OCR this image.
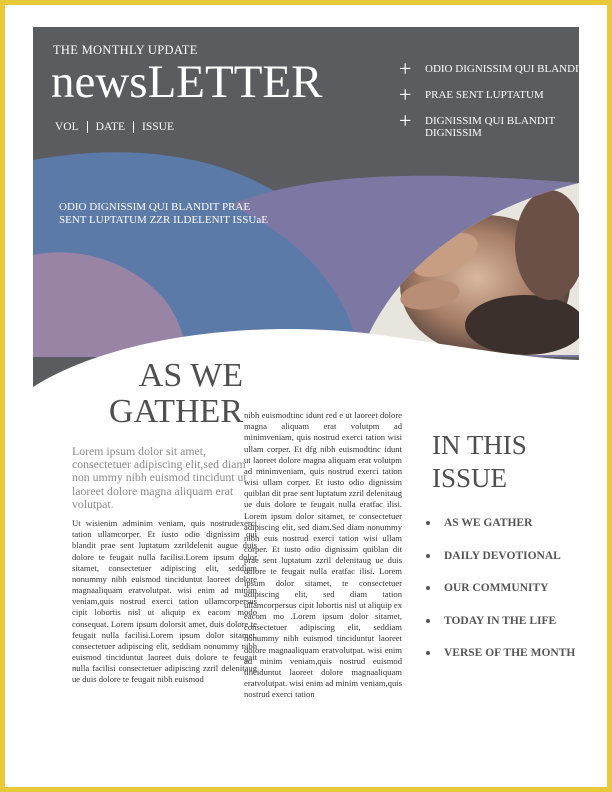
THE MONTHLY UPDATE
newsLETTER
VOL DATE ISSUE
+ ODIO DIGNISSIM QUI BLANDIT
+ PRAE SENT LUPTATUM
+ DIGNISSIM QUI BLANDIT DIGNISSIM
ODIO DIGNISSIM QUI BLANDIT PRAE SENT LUPTATUM ZZR ILDELENIT ISSUaE
AS WE
GATHER
Lorem ipsum dolor sit amet, consectetuer adipiscing elit,sed diam non ummy nibh euismod tincidunt ut laoreet dolore magna aliquam erat volutpat.
Ut wisienim adminim veniam, quis nostrudexerci tation ullamcorper. Et iusto odio dignissim qui blandit prae sent luptatum zzrildelenit augue duis dolore te feugait nulla facilisi.Lorem ipsum dolor sitamet, consectetuer adipiscing elit, seddiam nonummy nibh euismod tinciduntut laoreet dolore magnaaliquam eratvolutpat. wisi enim ad minim veniam,quis nostrud exerci tation ullamcorpersus cipit lobortis nisl ut aliquip ex eacom modo consequat. Lorem ipsum dolorsit amet, duis dolore te feugait nulla facilisi.Lorem ipsum dolor sitamet, consectetuer adipiscing elit, seddiam nonummy nibh euismod tinciduntut laoreet duis dolore te feugait nulla facilisi consectetuer adipiscing zzril delenitaug ue duis dolore te feugait nibh euismod
nibh euismodtinc idunt red e ut laoreet dolore magna aliquam erat volutpm ad minimveniam, quis nostrud exerci tation wisi ullam corper. Et dfg nibh euismodtinc idunt ut laoreet dolore magna aliquam erat volutpm ad minimveniam, quis nostrud exerci tation wisi ullam corper. Et iusto odio dignissim quiblan dit prae sent luptatum zzril delenitaug ue duis dolore te feugait nulla eratfac ilisi. Lorem ipsum dolor sitamet, te consectetuer adipiscing elit, sed diam.Sed diam nonummy nibh euis nostrud exerci tation wisi ullam corper. Et iusto odio dignissim quiblan dit prae sent luptatum zzril delenitaug ue duis dolore te feugait nulla eratfac ilisi. Lorem ipsum dolor sitamet, te consectetuer adipiscing elit, sed diam tation ullamcorpersus cipit lobortis nisl ut aliquip ex eacom mo .Lorem ipsum dolor sitamet, consectetuer adipiscing elit, seddiam nonummy nibh euismod tinciduntut laoreet dolore magnaaliquam eratvolutpat. wisi enim ad minim veniam,quis nostrud euismod tinciduntut laoreet dolore magnaaliquam eratvolutpat. wisi enim ad minim veniam,quis nostrud exerci tation
IN THIS
ISSUE
AS WE GATHER
DAILY DEVOTIONAL
OUR COMMUNITY
TODAY IN THE LIFE
VERSE OF THE MONTH
